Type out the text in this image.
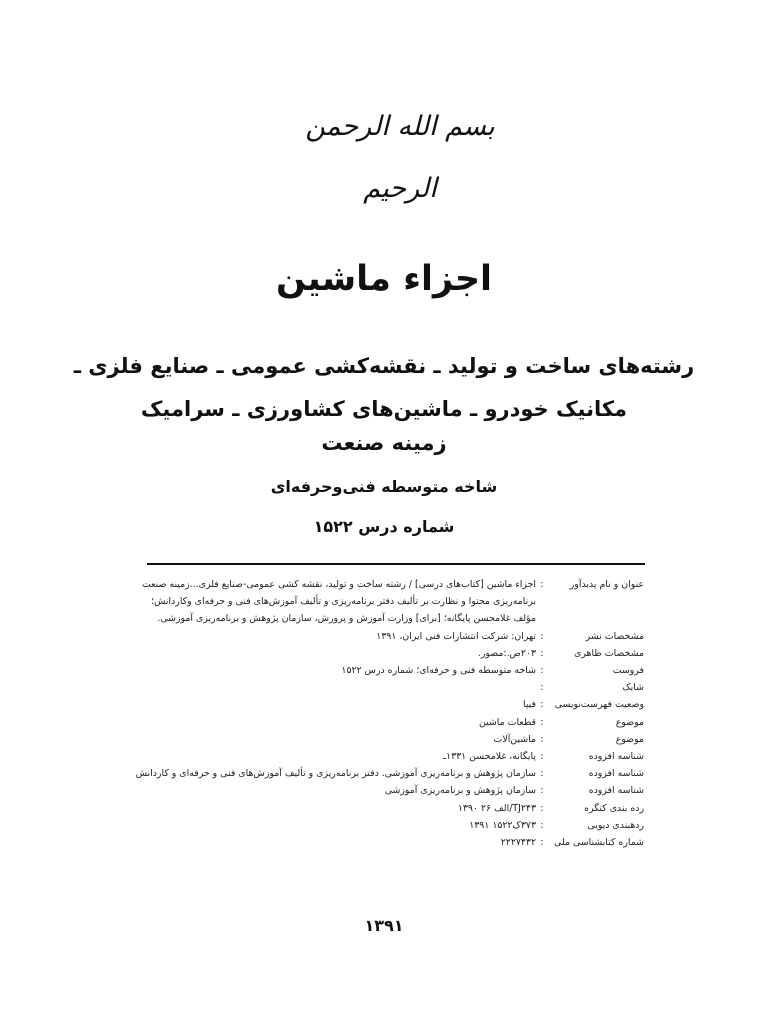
بسم الله الرحمن الرحیم
اجزاء ماشین
رشته‌های ساخت و تولید ـ نقشه‌کشی عمومی ـ صنایع فلزی ـ
مکانیک خودرو ـ ماشین‌های کشاورزی ـ سرامیک
زمینه صنعت
شاخه متوسطه فنی‌وحرفه‌ای
شماره درس ۱۵۲۲
عنوان و نام پدیدآور
:
اجزاء ماشین [کتاب‌های درسی] / رشته ساخت و تولید، نقشه کشی عمومی-صنایع فلزی...زمینه صنعت
برنامه‌ریزی محتوا و نظارت بر تألیف دفتر برنامه‌ریزی و تألیف آموزش‌های فنی و حرفه‌ای وکاردانش؛
مؤلف غلامحسن پایگانه؛ [برای] وزارت آموزش و پرورش، سازمان پژوهش و برنامه‌ریزی آموزشی.
مشخصات نشر
:
تهران: شرکت انتشارات فنی ایران، ۱۳۹۱
مشخصات ظاهری
:
۲۰۳ص.:مصور.
فروست
:
شاخه متوسطه فنی و حرفه‌ای؛ شماره درس ۱۵۲۲
شابک
:
وضعیت فهرست‌نویسی
:
فیپا
موضوع
:
قطعات ماشین
موضوع
:
ماشین‌آلات
شناسه افزوده
:
پایگانه، غلامحسن ۱۳۳۱ـ
شناسه افزوده
:
سازمان پژوهش و برنامه‌ریزی آموزشی. دفتر برنامه‌ریزی و تألیف آموزش‌های فنی و حرفه‌ای و کاردانش
شناسه افزوده
:
سازمان پژوهش و برنامه‌ریزی آموزشی
رده بندی کنگره
:
TJ۲۴۳/الف ۲۶ ۱۳۹۰
ردهبندی دیویی
:
۳۷۳ک۱۵۲۲ ۱۳۹۱
شماره کتابشناسی ملی
:
۲۲۲۷۴۳۲
۱۳۹۱
